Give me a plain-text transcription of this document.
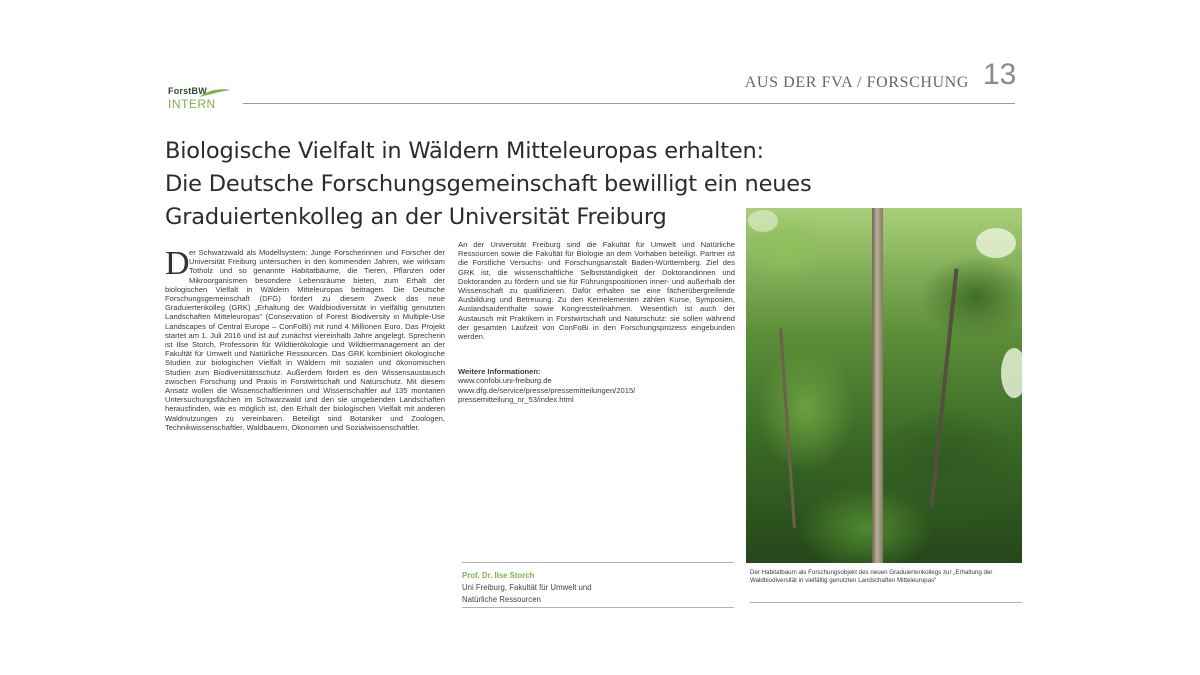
ForstBW
INTERN
AUS DER FVA / FORSCHUNG 13
Biologische Vielfalt in Wäldern Mitteleuropas erhalten:
Die Deutsche Forschungsgemeinschaft bewilligt ein neues
Graduiertenkolleg an der Universität Freiburg
D er Schwarzwald als Modellsystem: Junge Forscherinnen und Forscher der Universität Freiburg untersuchen in den kommenden Jahren, wie wirksam Totholz und so genannte Habitatbäume, die Tieren, Pflanzen oder Mikroorganismen besondere Lebensräume bieten, zum Erhalt der biologischen Vielfalt in Wäldern Mitteleuropas beitragen. Die Deutsche Forschungsgemeinschaft (DFG) fördert zu diesem Zweck das neue Graduiertenkolleg (GRK) „Erhaltung der Waldbiodiversität in vielfältig genutzten Landschaften Mitteleuropas“ (Conservation of Forest Biodiversity in Multiple-Use Landscapes of Central Europe – ConFoBi) mit rund 4 Millionen Euro. Das Projekt startet am 1. Juli 2016 und ist auf zunächst viereinhalb Jahre angelegt. Sprecherin ist Ilse Storch, Professorin für Wildtierökologie und Wildtiermanagement an der Fakultät für Umwelt und Natürliche Ressourcen. Das GRK kombiniert ökologische Studien zur biologischen Vielfalt in Wäldern mit sozialen und ökonomischen Studien zum Biodiversitätsschutz. Außerdem fördert es den Wissensaustausch zwischen Forschung und Praxis in Forstwirtschaft und Naturschutz. Mit diesem Ansatz wollen die Wissenschaftlerinnen und Wissenschaftler auf 135 montanen Untersuchungsflächen im Schwarzwald und den sie umgebenden Landschaften herausfinden, wie es möglich ist, den Erhalt der biologischen Vielfalt mit anderen Waldnutzungen zu vereinbaren. Beteiligt sind Botaniker und Zoologen, Technikwissenschaftler, Waldbauern, Ökonomen und Sozialwissenschaftler.
An der Universität Freiburg sind die Fakultät für Umwelt und Natürliche Ressourcen sowie die Fakultät für Biologie an dem Vorhaben beteiligt. Partner ist die Forstliche Versuchs- und Forschungsanstalt Baden-Württemberg. Ziel des GRK ist, die wissenschaftliche Selbstständigkeit der Doktorandinnen und Doktoranden zu fördern und sie für Führungspositionen inner- und außerhalb der Wissenschaft zu qualifizieren. Dafür erhalten sie eine fächerübergreifende Ausbildung und Betreuung. Zu den Kernelementen zählen Kurse, Symposien, Auslandsaufenthalte sowie Kongressteilnahmen. Wesentlich ist auch der Austausch mit Praktikern in Forstwirtschaft und Naturschutz: sie sollen während der gesamten Laufzeit von ConFoBi in den Forschungsprozess eingebunden werden.
Weitere Informationen:
www.confobi.uni-freiburg.de
www.dfg.de/service/presse/pressemitteilungen/2015/
pressemitteilung_nr_53/index.html
Prof. Dr. Ilse Storch
Uni Freiburg, Fakultät für Umwelt und
Natürliche Ressourcen
Der Habitatbaum als Forschungsobjekt des neuen Graduiertenkollegs zur „Erhaltung der Waldbiodiversität in vielfältig genutzten Landschaften Mitteleuropas“
